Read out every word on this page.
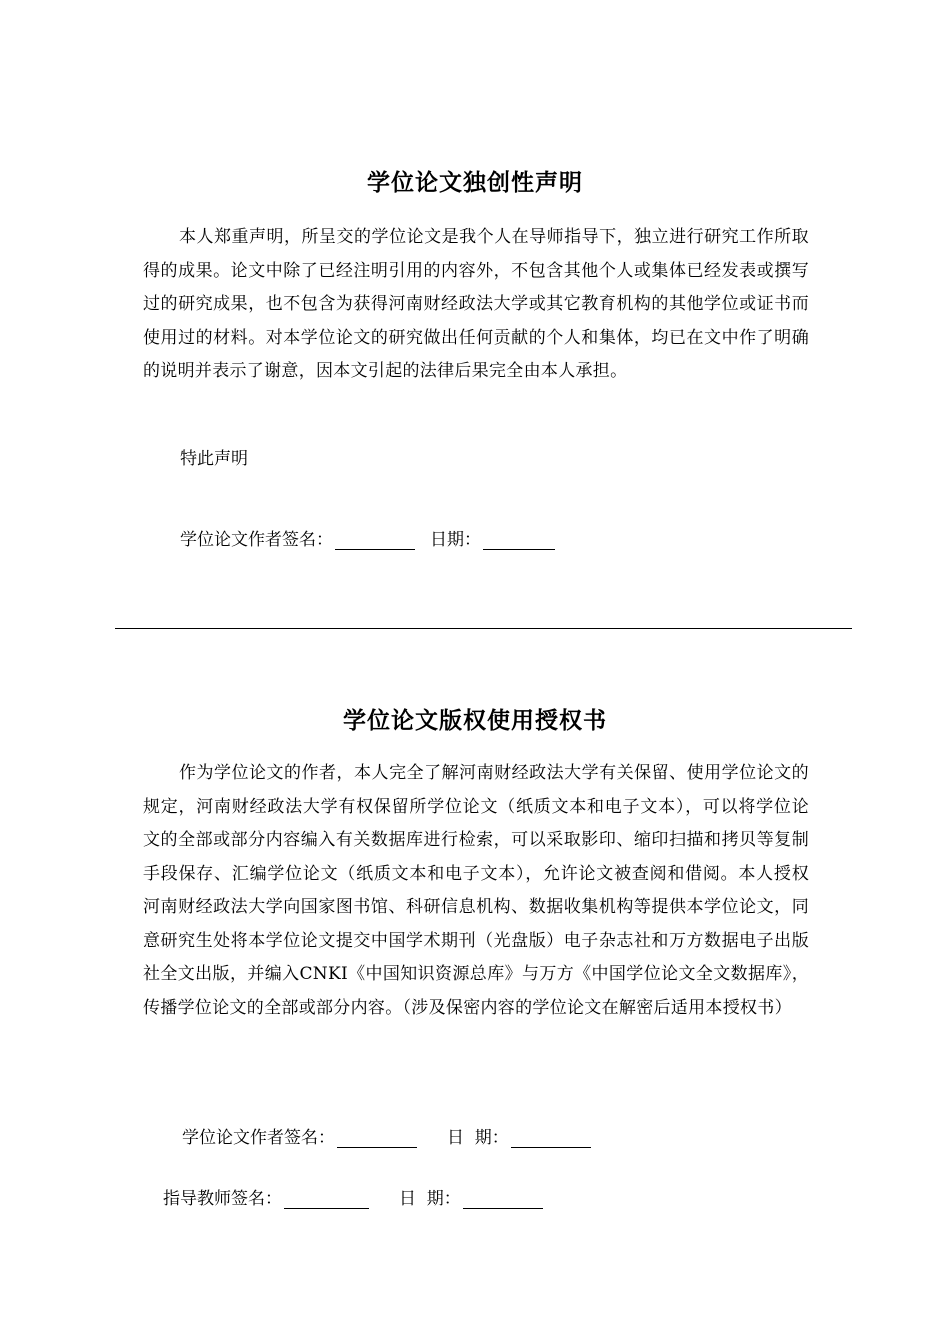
学位论文独创性声明

本人郑重声明，所呈交的学位论文是我个人在导师指导下，独立进行研究工作所取得的成果。论文中除了已经注明引用的内容外，不包含其他个人或集体已经发表或撰写过的研究成果，也不包含为获得河南财经政法大学或其它教育机构的其他学位或证书而使用过的材料。对本学位论文的研究做出任何贡献的个人和集体，均已在文中作了明确的说明并表示了谢意，因本文引起的法律后果完全由本人承担。

特此声明
学位论文作者签名：	日期：
学位论文版权使用授权书

作为学位论文的作者，本人完全了解河南财经政法大学有关保留、使用学位论文的规定，河南财经政法大学有权保留所学位论文（纸质文本和电子文本），可以将学位论文的全部或部分内容编入有关数据库进行检索，可以采取影印、缩印扫描和拷贝等复制手段保存、汇编学位论文（纸质文本和电子文本），允许论文被查阅和借阅。本人授权河南财经政法大学向国家图书馆、科研信息机构、数据收集机构等提供本学位论文，同意研究生处将本学位论文提交中国学术期刊（光盘版）电子杂志社和万方数据电子出版社全文出版，并编入CNKI《中国知识资源总库》与万方《中国学位论文全文数据库》，传播学位论文的全部或部分内容。（涉及保密内容的学位论文在解密后适用本授权书）

学位论文作者签名：	日  期：
指导教师签名：	日  期：
